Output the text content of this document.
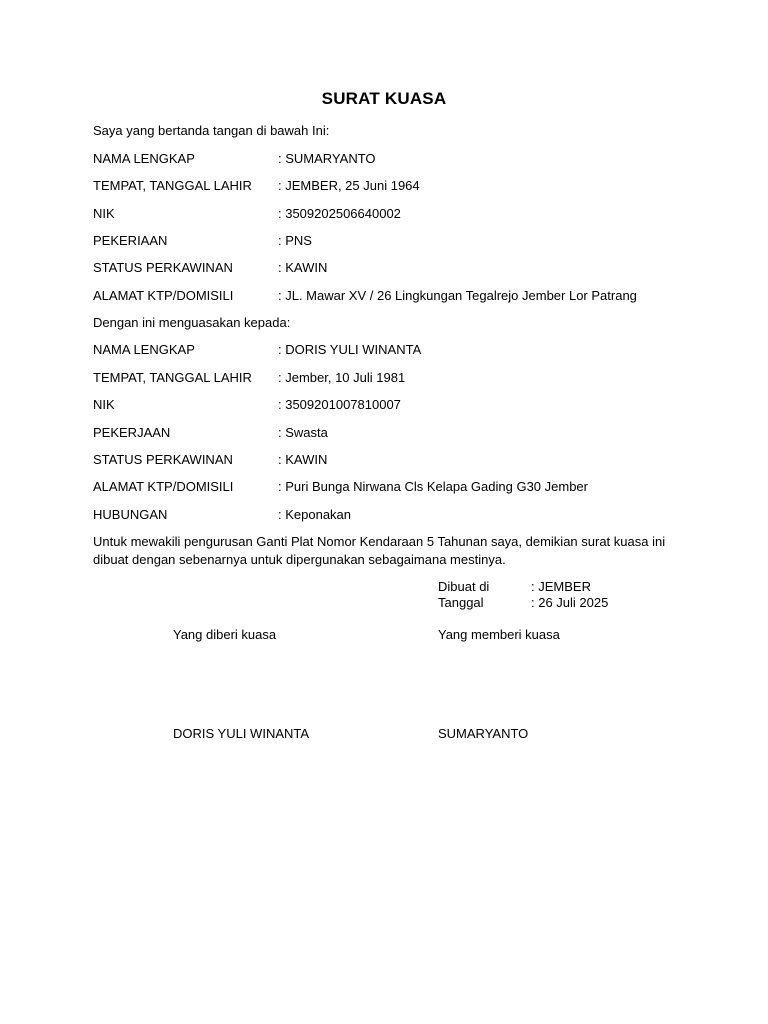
SURAT KUASA
Saya yang bertanda tangan di bawah Ini:
NAMA LENGKAP	: SUMARYANTO
TEMPAT, TANGGAL LAHIR : JEMBER, 25 Juni 1964
NIK	: 3509202506640002
PEKERIAAN	: PNS
STATUS PERKAWINAN	: KAWIN
ALAMAT KTP/DOMISILI	: JL. Mawar XV / 26 Lingkungan Tegalrejo Jember Lor Patrang
Dengan ini menguasakan kepada:
NAMA LENGKAP	: DORIS YULI WINANTA
TEMPAT, TANGGAL LAHIR : Jember, 10 Juli 1981
NIK	: 3509201007810007
PEKERJAAN	: Swasta
STATUS PERKAWINAN	: KAWIN
ALAMAT KTP/DOMISILI	: Puri Bunga Nirwana Cls Kelapa Gading G30 Jember
HUBUNGAN	: Keponakan
Untuk mewakili pengurusan Ganti Plat Nomor Kendaraan 5 Tahunan saya, demikian surat kuasa ini dibuat dengan sebenarnya untuk dipergunakan sebagaimana mestinya.
Dibuat di	: JEMBER
Tanggal	: 26 Juli 2025
Yang diberi kuasa	Yang memberi kuasa
DORIS YULI WINANTA	SUMARYANTO
